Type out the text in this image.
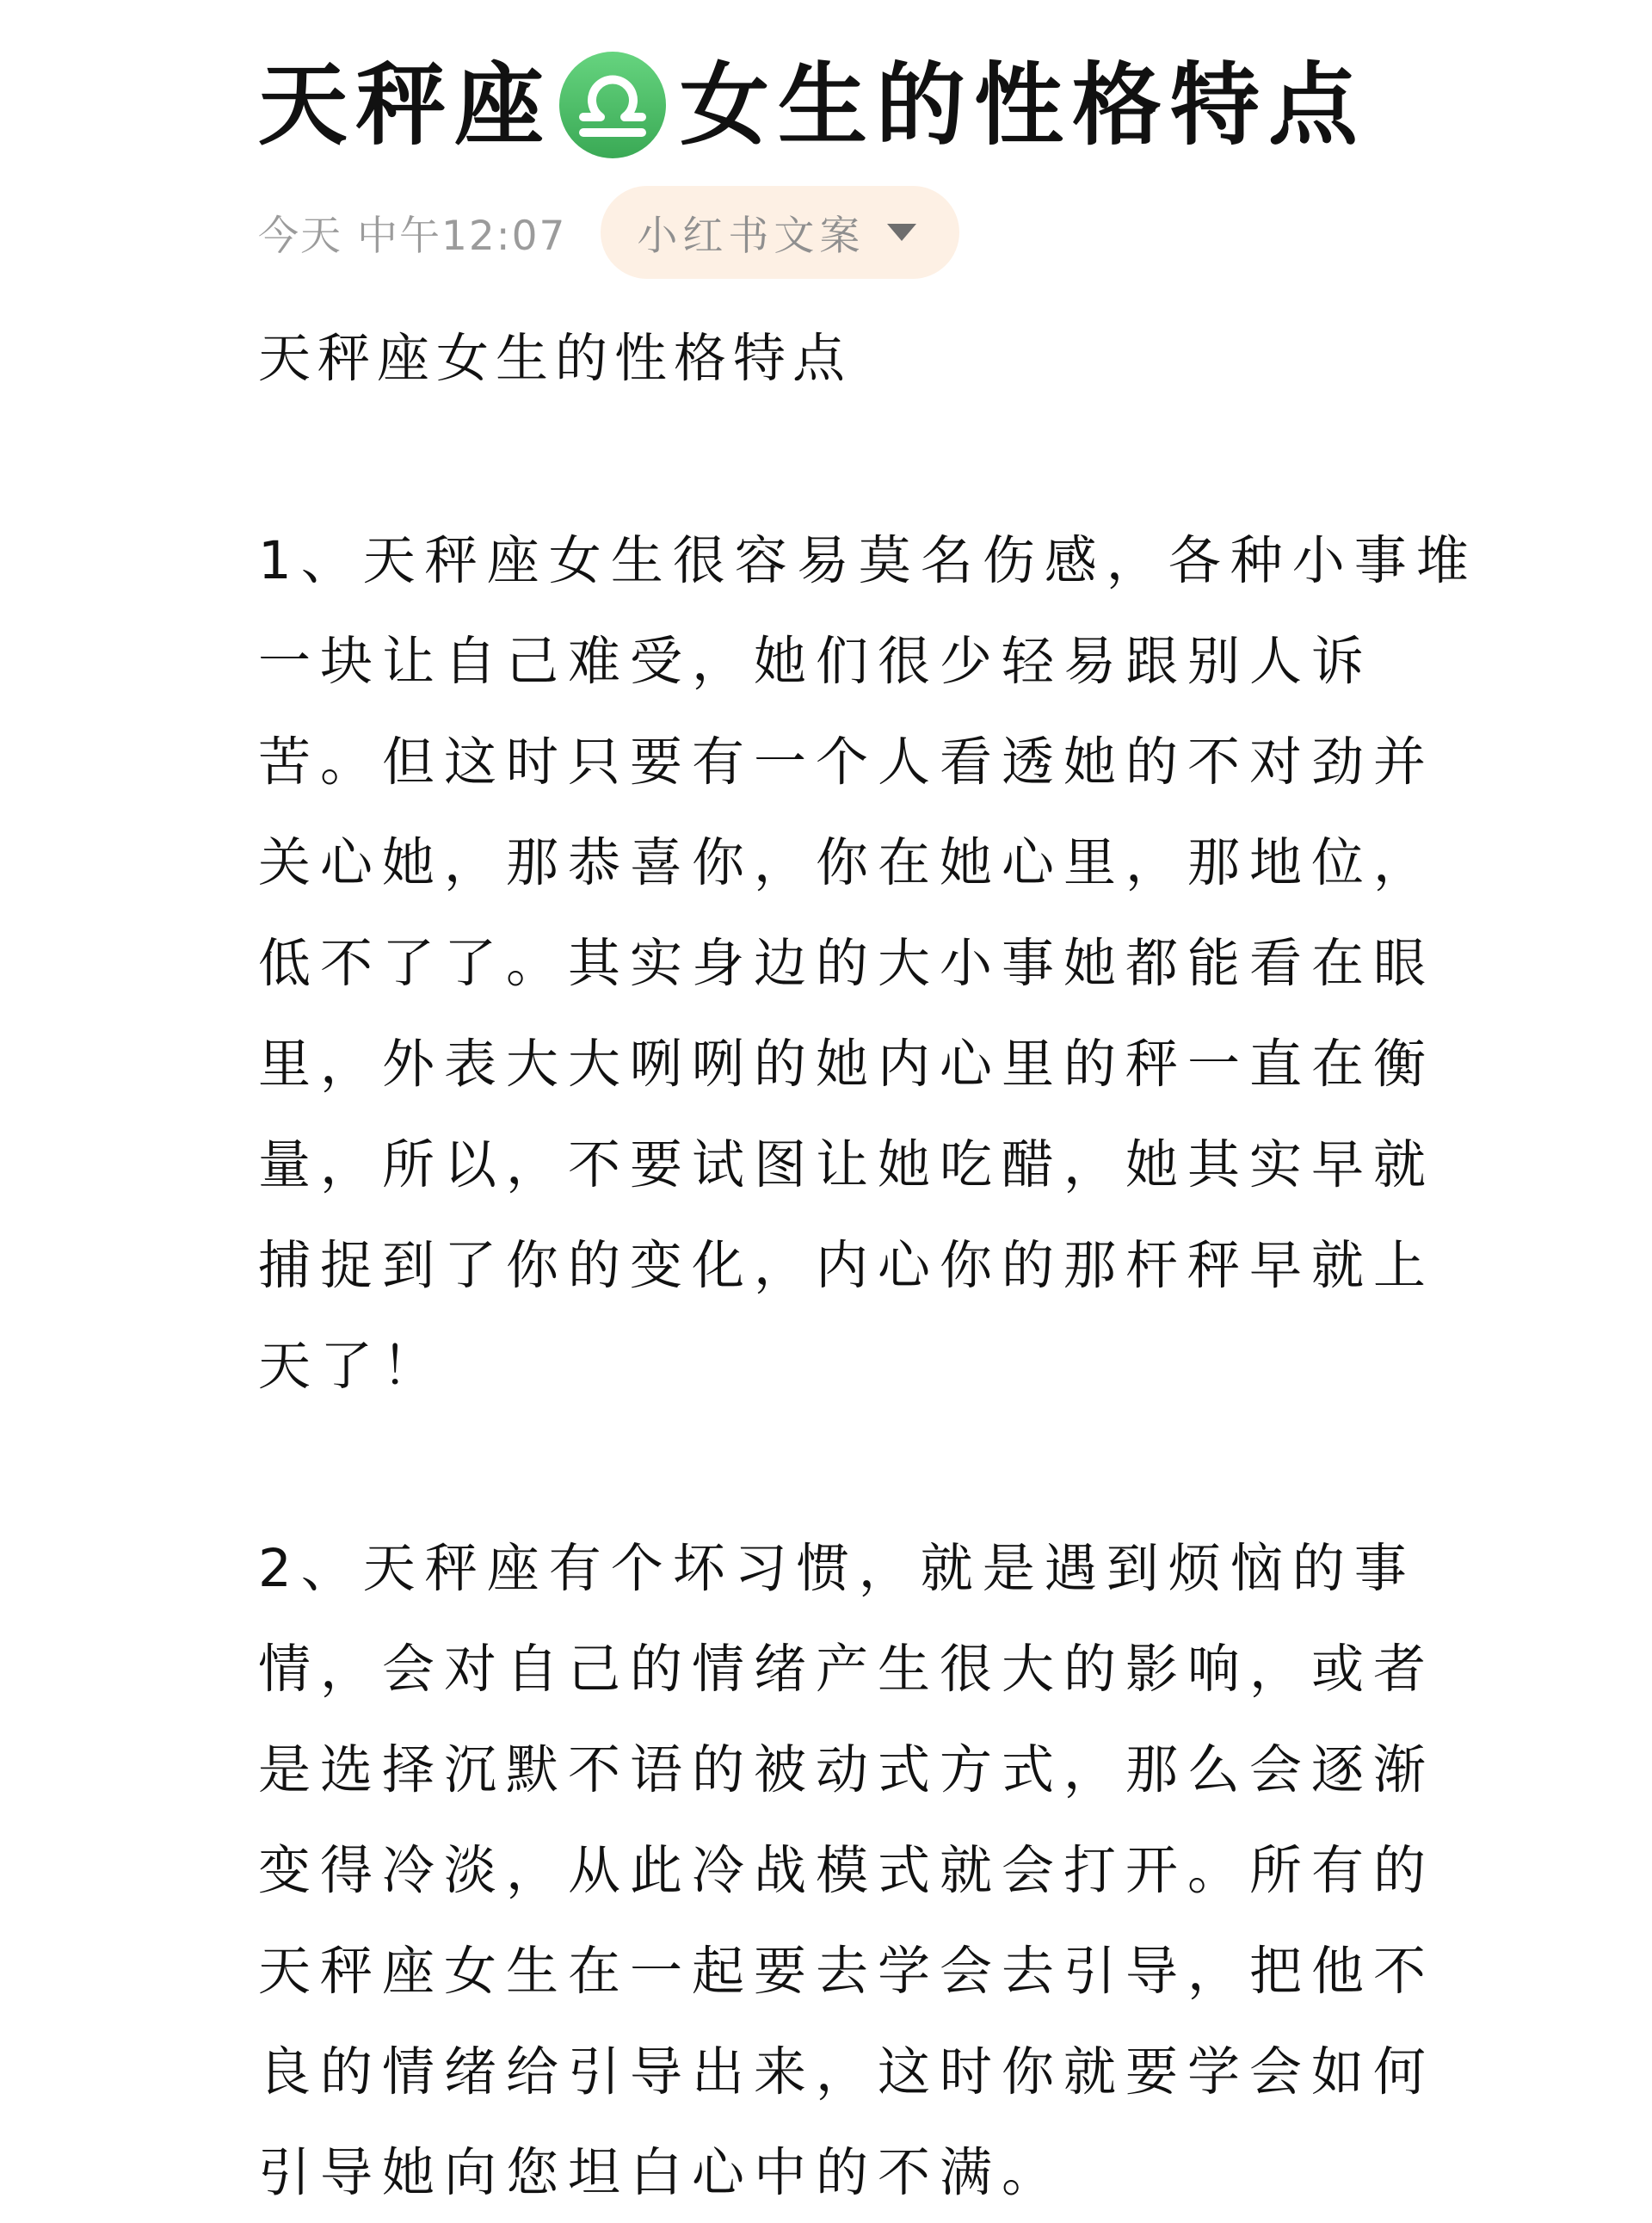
天秤座 女生的性格特点
今天 中午12:07 小红书文案
天秤座女生的性格特点
1、天秤座女生很容易莫名伤感，各种小事堆
一块让自己难受，她们很少轻易跟别人诉
苦。但这时只要有一个人看透她的不对劲并
关心她，那恭喜你，你在她心里，那地位，
低不了了。其实身边的大小事她都能看在眼
里，外表大大咧咧的她内心里的秤一直在衡
量，所以，不要试图让她吃醋，她其实早就
捕捉到了你的变化，内心你的那杆秤早就上
天了！
2、天秤座有个坏习惯，就是遇到烦恼的事
情，会对自己的情绪产生很大的影响，或者
是选择沉默不语的被动式方式，那么会逐渐
变得冷淡，从此冷战模式就会打开。所有的
天秤座女生在一起要去学会去引导，把他不
良的情绪给引导出来，这时你就要学会如何
引导她向您坦白心中的不满。
